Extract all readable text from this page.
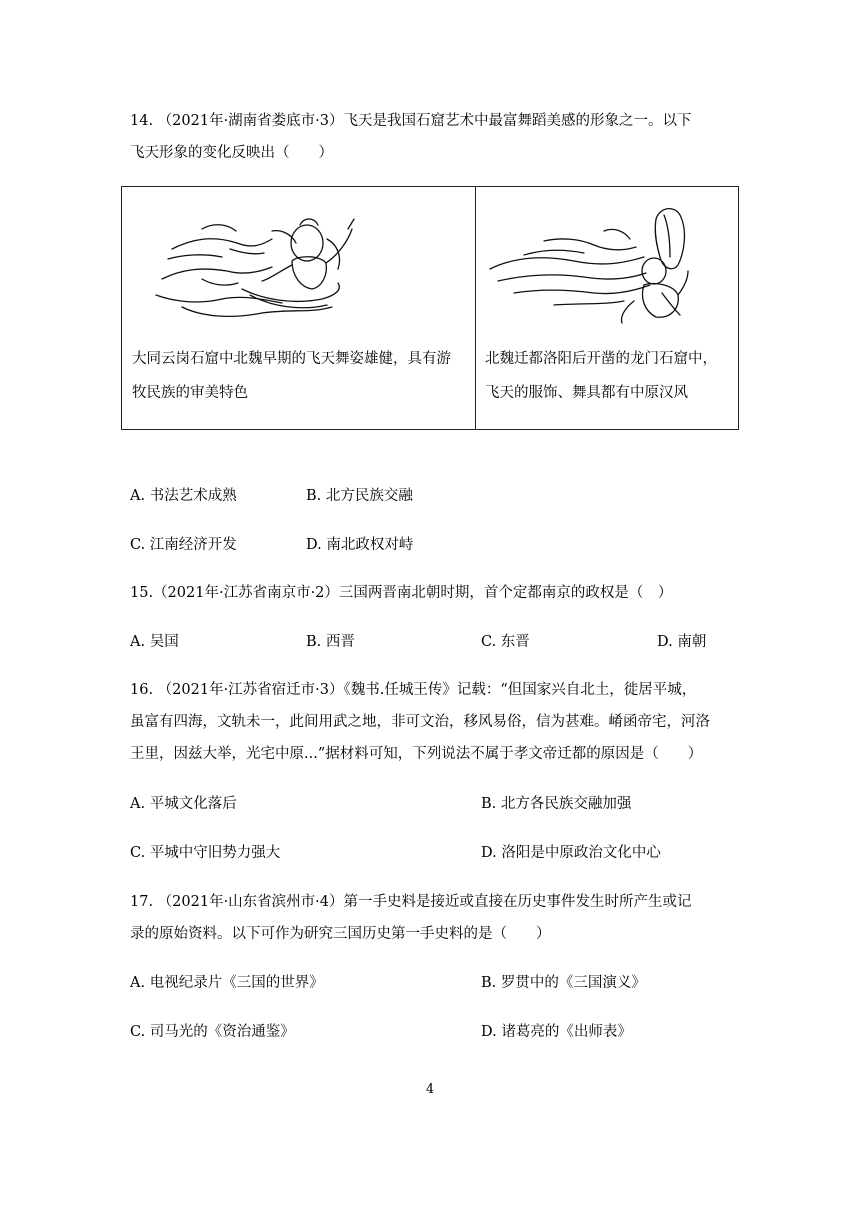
14. （2021年·湖南省娄底市·3）飞天是我国石窟艺术中最富舞蹈美感的形象之一。以下
飞天形象的变化反映出（　　）
大同云岗石窟中北魏早期的飞天舞姿雄健，具有游
牧民族的审美特色
北魏迁都洛阳后开凿的龙门石窟中，
飞天的服饰、舞具都有中原汉风
A. 书法艺术成熟	B. 北方民族交融
C. 江南经济开发	D. 南北政权对峙
15.（2021年·江苏省南京市·2）三国两晋南北朝时期，首个定都南京的政权是（　）
A. 吴国	B. 西晋	C. 东晋	D. 南朝
16. （2021年·江苏省宿迁市·3）《魏书.任城王传》记载：“但国家兴自北土，徙居平城，
虽富有四海，文轨未一，此间用武之地，非可文治，移风易俗，信为甚难。崤函帝宅，河洛
王里，因兹大举，光宅中原...”据材料可知，下列说法不属于孝文帝迁都的原因是（　　）
A. 平城文化落后	B. 北方各民族交融加强
C. 平城中守旧势力强大	D. 洛阳是中原政治文化中心
17. （2021年·山东省滨州市·4）第一手史料是接近或直接在历史事件发生时所产生或记
录的原始资料。以下可作为研究三国历史第一手史料的是（　　）
A. 电视纪录片《三国的世界》	B. 罗贯中的《三国演义》
C. 司马光的《资治通鉴》	D. 诸葛亮的《出师表》
4
